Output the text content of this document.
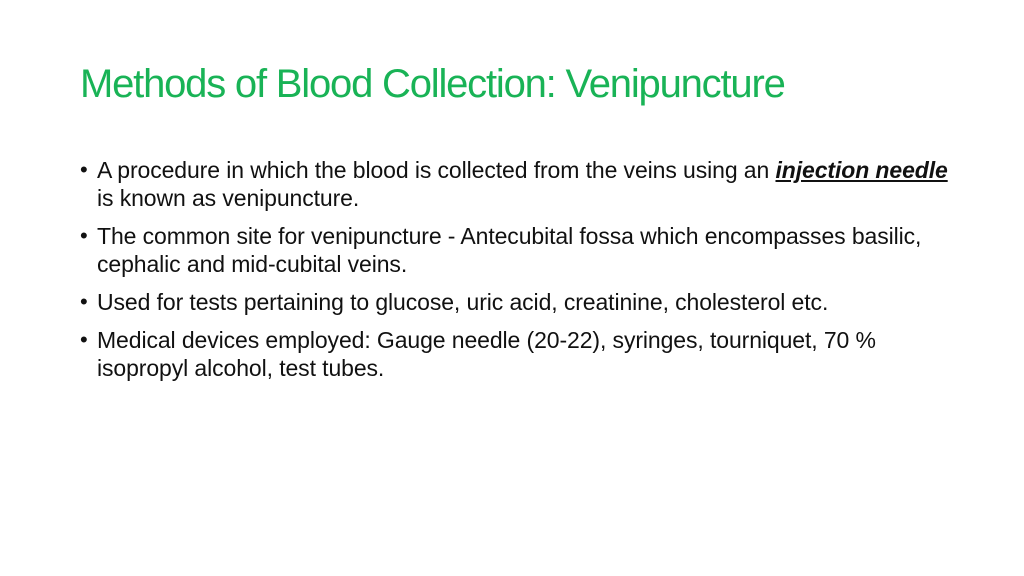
Methods of Blood Collection: Venipuncture
• A procedure in which the blood is collected from the veins using an injection needle is known as venipuncture.
• The common site for venipuncture - Antecubital fossa which encompasses basilic, cephalic and mid-cubital veins.
• Used for tests pertaining to glucose, uric acid, creatinine, cholesterol etc.
• Medical devices employed: Gauge needle (20-22), syringes, tourniquet, 70 % isopropyl alcohol, test tubes.
